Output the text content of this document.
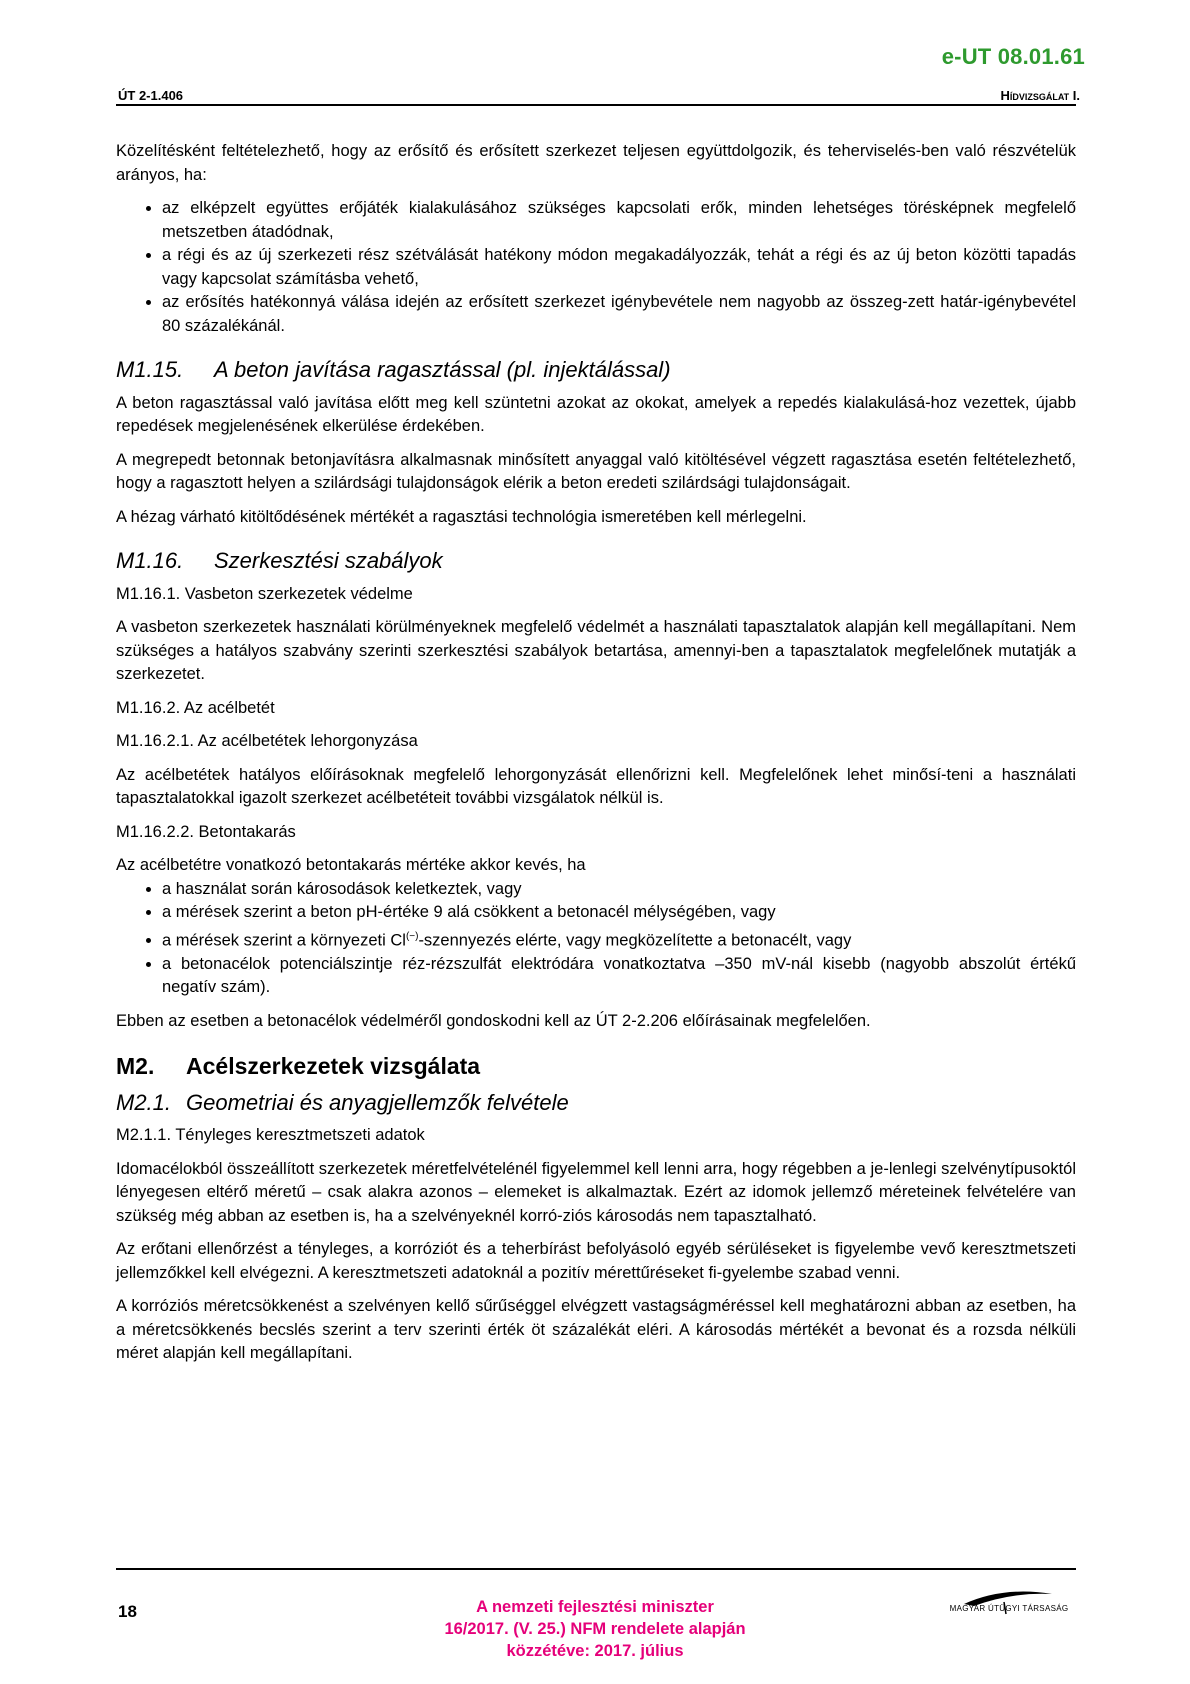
e-UT 08.01.61
ÚT 2-1.406	Hídvizsgálat I.

Közelítésként feltételezhető, hogy az erősítő és erősített szerkezet teljesen együttdolgozik, és teherviselés-ben való részvételük arányos, ha:

• az elképzelt együttes erőjáték kialakulásához szükséges kapcsolati erők, minden lehetséges törésképnek megfelelő metszetben átadódnak,
• a régi és az új szerkezeti rész szétválását hatékony módon megakadályozzák, tehát a régi és az új beton közötti tapadás vagy kapcsolat számításba vehető,
• az erősítés hatékonnyá válása idején az erősített szerkezet igénybevétele nem nagyobb az összeg-zett határ-igénybevétel 80 százalékánál.
M1.15. A beton javítása ragasztással (pl. injektálással)

A beton ragasztással való javítása előtt meg kell szüntetni azokat az okokat, amelyek a repedés kialakulásá-hoz vezettek, újabb repedések megjelenésének elkerülése érdekében.

A megrepedt betonnak betonjavításra alkalmasnak minősített anyaggal való kitöltésével végzett ragasztása esetén feltételezhető, hogy a ragasztott helyen a szilárdsági tulajdonságok elérik a beton eredeti szilárdsági tulajdonságait.

A hézag várható kitöltődésének mértékét a ragasztási technológia ismeretében kell mérlegelni.

M1.16. Szerkesztési szabályok
M1.16.1. Vasbeton szerkezetek védelme

A vasbeton szerkezetek használati körülményeknek megfelelő védelmét a használati tapasztalatok alapján kell megállapítani. Nem szükséges a hatályos szabvány szerinti szerkesztési szabályok betartása, amennyi-ben a tapasztalatok megfelelőnek mutatják a szerkezetet.

M1.16.2. Az acélbetét
M1.16.2.1. Az acélbetétek lehorgonyzása

Az acélbetétek hatályos előírásoknak megfelelő lehorgonyzását ellenőrizni kell. Megfelelőnek lehet minősí-teni a használati tapasztalatokkal igazolt szerkezet acélbetéteit további vizsgálatok nélkül is.

M1.16.2.2. Betontakarás

Az acélbetétre vonatkozó betontakarás mértéke akkor kevés, ha

• a használat során károsodások keletkeztek, vagy
• a mérések szerint a beton pH-értéke 9 alá csökkent a betonacél mélységében, vagy
• a mérések szerint a környezeti Cl(−)-szennyezés elérte, vagy megközelítette a betonacélt, vagy
• a betonacélok potenciálszintje réz-rézszulfát elektródára vonatkoztatva –350 mV-nál kisebb (nagyobb abszolút értékű negatív szám).

Ebben az esetben a betonacélok védelméről gondoskodni kell az ÚT 2-2.206 előírásainak megfelelően.

M2. Acélszerkezetek vizsgálata
M2.1. Geometriai és anyagjellemzők felvétele
M2.1.1. Tényleges keresztmetszeti adatok

Idomacélokból összeállított szerkezetek méretfelvételénél figyelemmel kell lenni arra, hogy régebben a je-lenlegi szelvénytípusoktól lényegesen eltérő méretű – csak alakra azonos – elemeket is alkalmaztak. Ezért az idomok jellemző méreteinek felvételére van szükség még abban az esetben is, ha a szelvényeknél korró-ziós károsodás nem tapasztalható.

Az erőtani ellenőrzést a tényleges, a korróziót és a teherbírást befolyásoló egyéb sérüléseket is figyelembe vevő keresztmetszeti jellemzőkkel kell elvégezni. A keresztmetszeti adatoknál a pozitív mérettűréseket fi-gyelembe szabad venni.

A korróziós méretcsökkenést a szelvényen kellő sűrűséggel elvégzett vastagságméréssel kell meghatározni abban az esetben, ha a méretcsökkenés becslés szerint a terv szerinti érték öt százalékát eléri. A károsodás mértékét a bevonat és a rozsda nélküli méret alapján kell megállapítani.

18	A nemzeti fejlesztési miniszter
16/2017. (V. 25.) NFM rendelete alapján
közzétéve: 2017. július
MAGYAR ÚTÜGYI TÁRSASÁG
